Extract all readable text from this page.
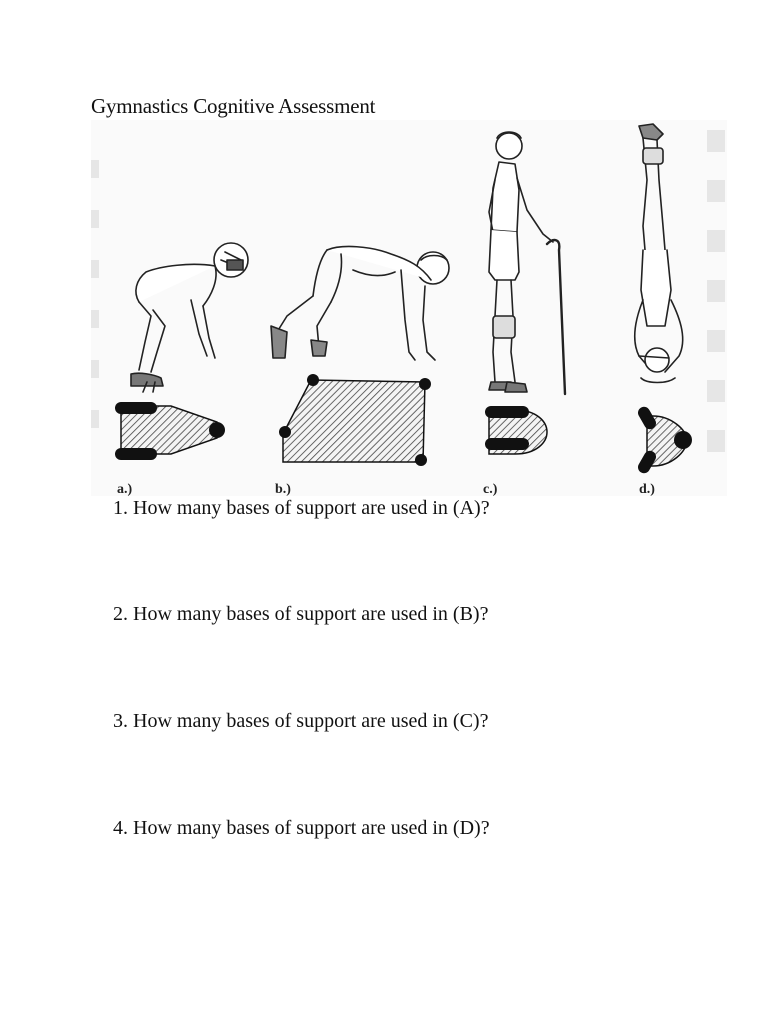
Gymnastics Cognitive Assessment
a.)	b.)	c.)	d.)
1. How many bases of support are used in (A)?
2. How many bases of support are used in (B)?
3. How many bases of support are used in (C)?
4. How many bases of support are used in (D)?
